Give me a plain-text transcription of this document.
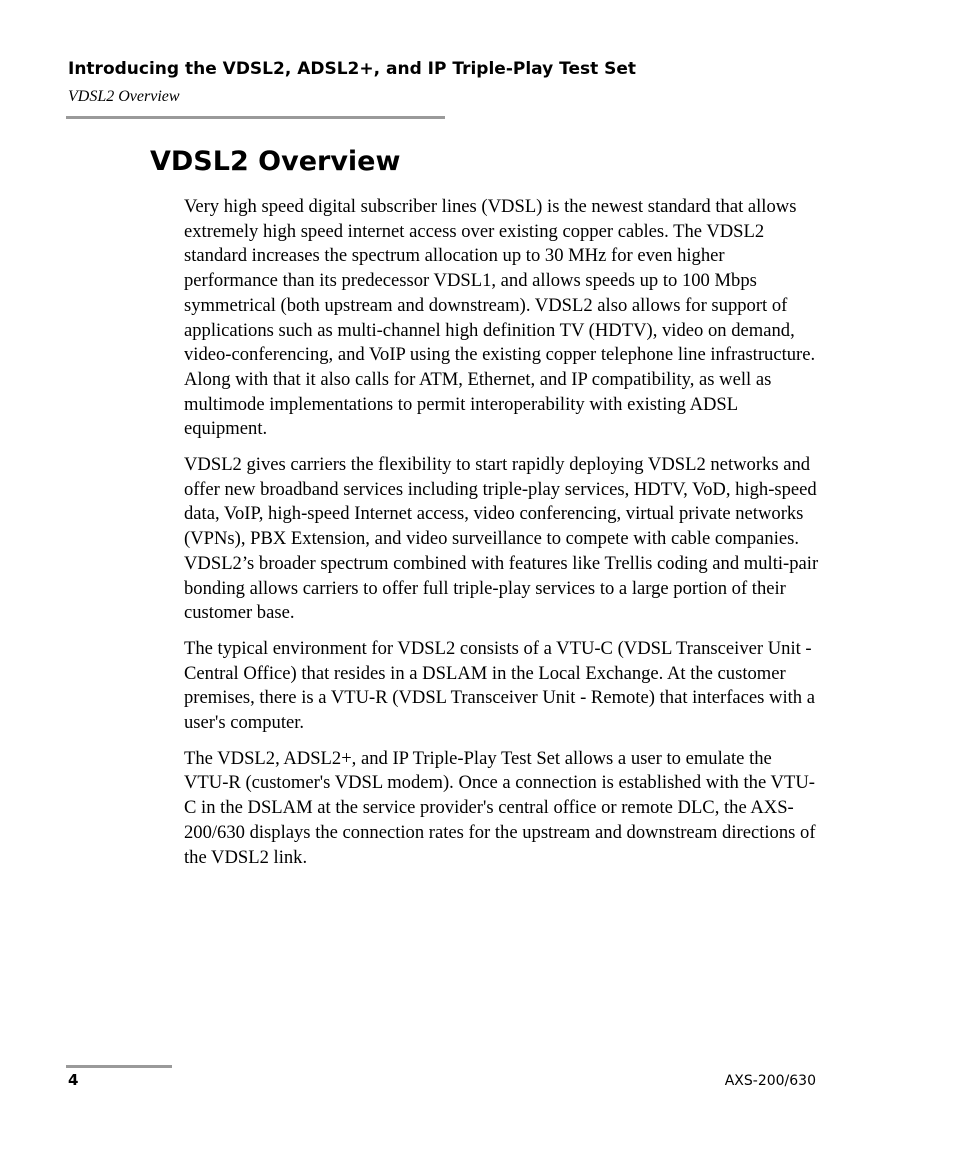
Introducing the VDSL2, ADSL2+, and IP Triple-Play Test Set
VDSL2 Overview
VDSL2 Overview

Very high speed digital subscriber lines (VDSL) is the newest standard that allows extremely high speed internet access over existing copper cables. The VDSL2 standard increases the spectrum allocation up to 30 MHz for even higher performance than its predecessor VDSL1, and allows speeds up to 100 Mbps symmetrical (both upstream and downstream). VDSL2 also allows for support of applications such as multi-channel high definition TV (HDTV), video on demand, video-conferencing, and VoIP using the existing copper telephone line infrastructure. Along with that it also calls for ATM, Ethernet, and IP compatibility, as well as multimode implementations to permit interoperability with existing ADSL equipment.

VDSL2 gives carriers the flexibility to start rapidly deploying VDSL2 networks and offer new broadband services including triple-play services, HDTV, VoD, high-speed data, VoIP, high-speed Internet access, video conferencing, virtual private networks (VPNs), PBX Extension, and video surveillance to compete with cable companies. VDSL2’s broader spectrum combined with features like Trellis coding and multi-pair bonding allows carriers to offer full triple-play services to a large portion of their customer base.

The typical environment for VDSL2 consists of a VTU-C (VDSL Transceiver Unit - Central Office) that resides in a DSLAM in the Local Exchange. At the customer premises, there is a VTU-R (VDSL Transceiver Unit - Remote) that interfaces with a user's computer.

The VDSL2, ADSL2+, and IP Triple-Play Test Set allows a user to emulate the VTU-R (customer's VDSL modem). Once a connection is established with the VTU-C in the DSLAM at the service provider's central office or remote DLC, the AXS-200/630 displays the connection rates for the upstream and downstream directions of the VDSL2 link.

4	AXS-200/630
